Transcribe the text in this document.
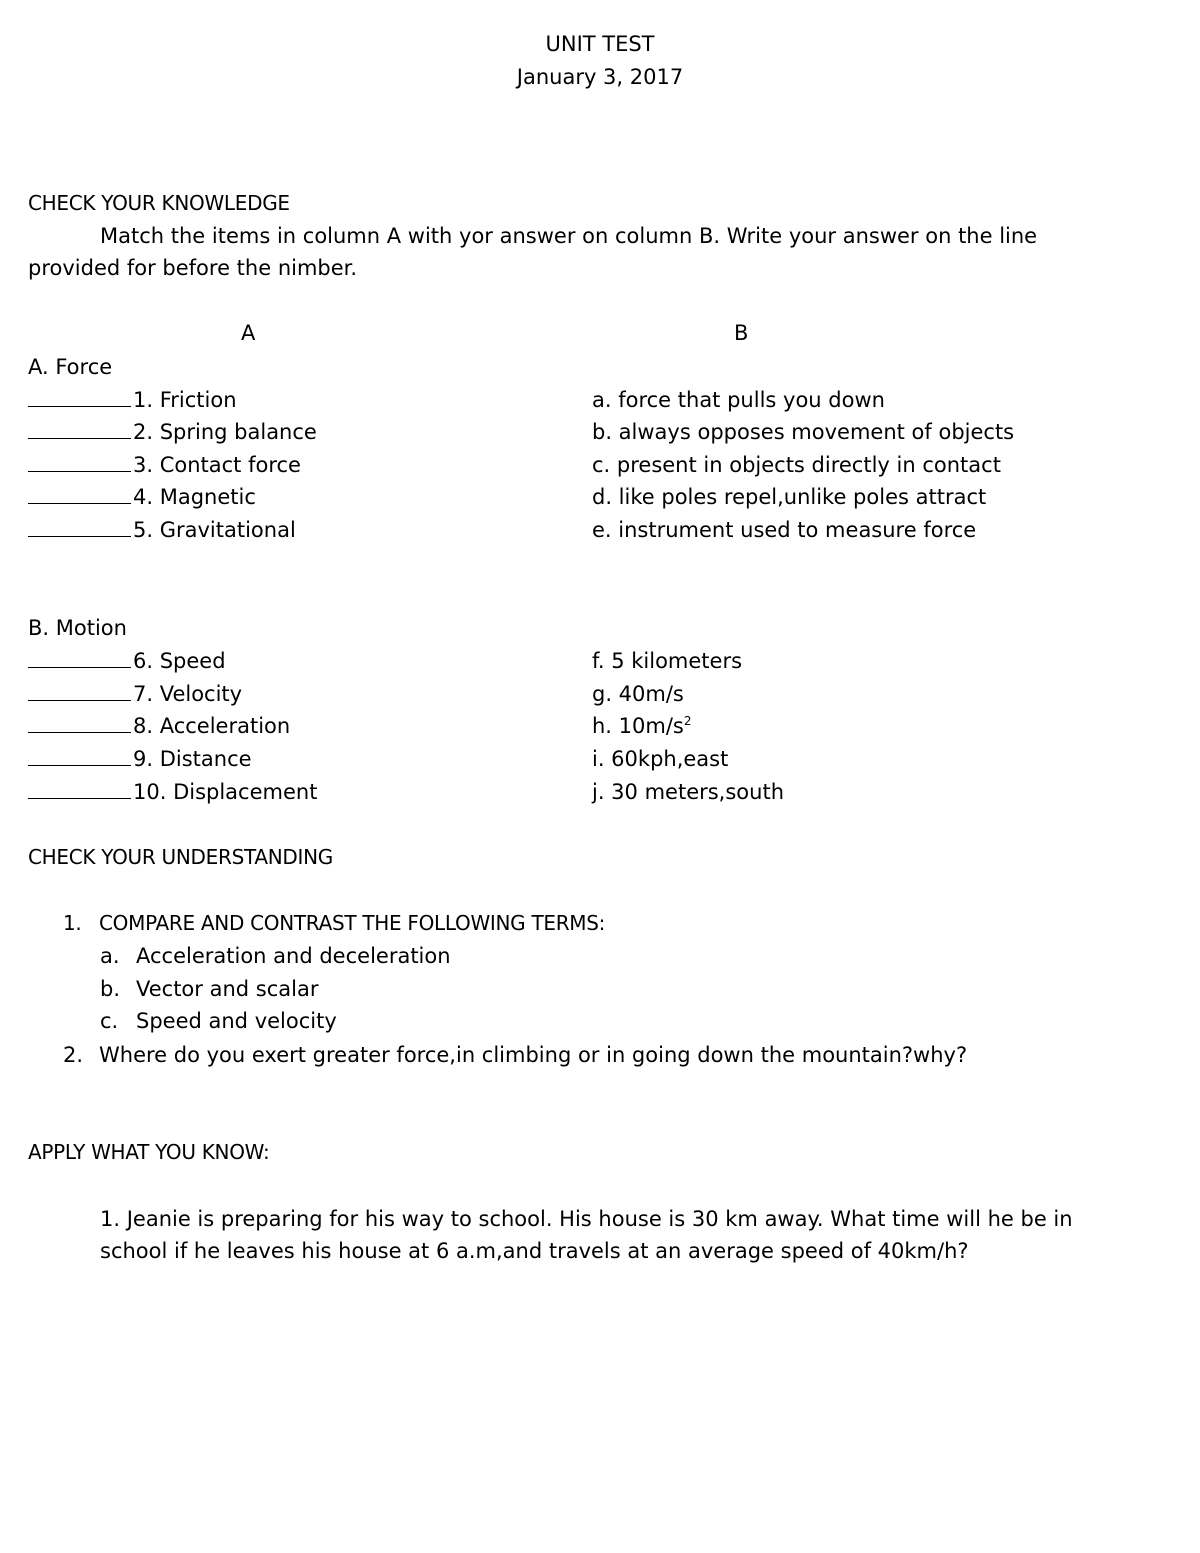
UNIT TEST
January 3, 2017
CHECK YOUR KNOWLEDGE
Match the items in column A with yor answer on column B. Write your answer on the line
provided for before the nimber.
A	B
A. Force
1. Friction	a. force that pulls you down
2. Spring balance	b. always opposes movement of objects
3. Contact force	c. present in objects directly in contact
4. Magnetic	d. like poles repel,unlike poles attract
5. Gravitational	e. instrument used to measure force
B. Motion
6. Speed	f. 5 kilometers
7. Velocity	g. 40m/s
8. Acceleration	h. $10m/s^2$
9. Distance	i. 60kph,east
10. Displacement	j. 30 meters,south
CHECK YOUR UNDERSTANDING
1. COMPARE AND CONTRAST THE FOLLOWING TERMS:
a. Acceleration and deceleration
b. Vector and scalar
c. Speed and velocity
2. Where do you exert greater force,in climbing or in going down the mountain?why?
APPLY WHAT YOU KNOW:
1. Jeanie is preparing for his way to school. His house is 30 km away. What time will he be in
school if he leaves his house at 6 a.m,and travels at an average speed of 40km/h?
